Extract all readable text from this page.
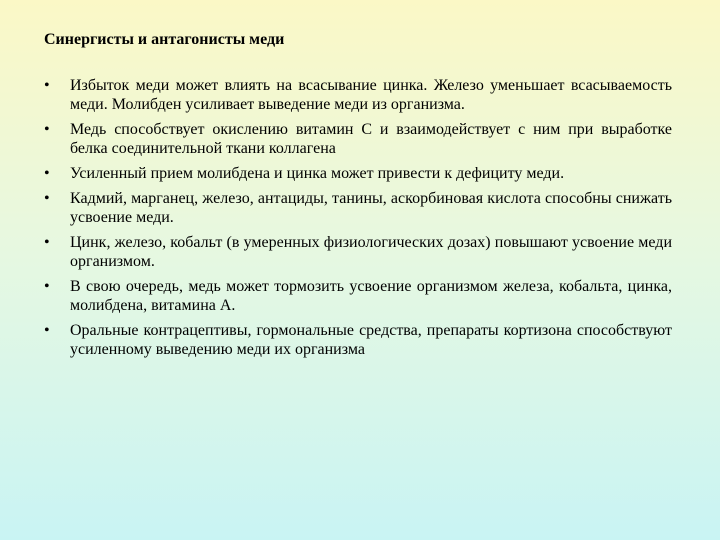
Синергисты и антагонисты меди
•	Избыток меди может влиять на всасывание цинка. Железо уменьшает всасываемость меди. Молибден усиливает выведение меди из организма.
•	Медь способствует окислению витамин С и взаимодействует с ним при выработке белка соединительной ткани коллагена
•	Усиленный прием молибдена и цинка может привести к дефициту меди.
•	Кадмий, марганец, железо, антациды, танины, аскорбиновая кислота способны снижать усвоение меди.
•	Цинк, железо, кобальт (в умеренных физиологических дозах) повышают усвоение меди организмом.
•	В свою очередь, медь может тормозить усвоение организмом железа, кобальта, цинка, молибдена, витамина А.
•	Оральные контрацептивы, гормональные средства, препараты кортизона способствуют усиленному выведению меди их организма
